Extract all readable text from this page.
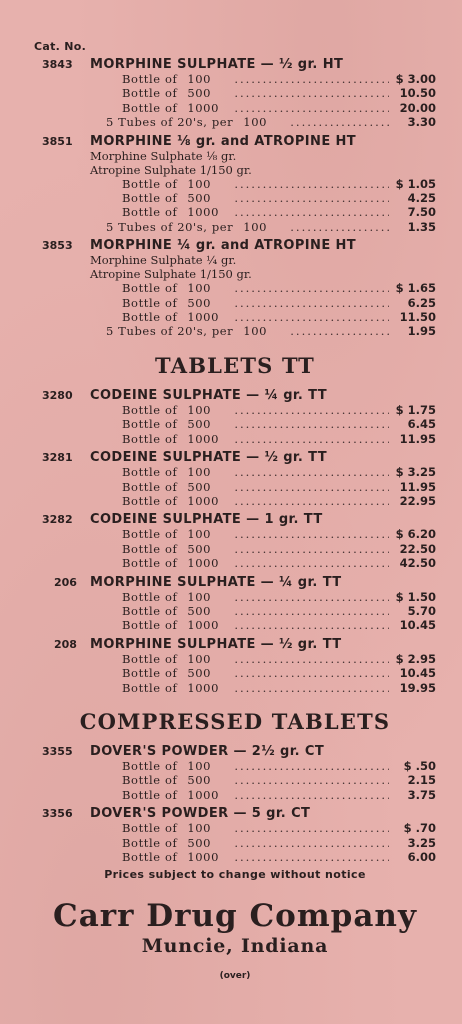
Cat. No.
3843	MORPHINE SULPHATE — ½ gr. HT
Bottle of 100 .....	$ 3.00
Bottle of 500 .....	10.50
Bottle of 1000 .....	20.00
5 Tubes of 20's, per 100 .....	3.30
3851	MORPHINE ⅛ gr. and ATROPINE HT
Morphine Sulphate ⅛ gr.
Atropine Sulphate 1/150 gr.
Bottle of 100 .....	$ 1.05
Bottle of 500 .....	4.25
Bottle of 1000 .....	7.50
5 Tubes of 20's, per 100 .....	1.35
3853	MORPHINE ¼ gr. and ATROPINE HT
Morphine Sulphate ¼ gr.
Atropine Sulphate 1/150 gr.
Bottle of 100 .....	$ 1.65
Bottle of 500 .....	6.25
Bottle of 1000 .....	11.50
5 Tubes of 20's, per 100 .....	1.95
TABLETS TT
3280	CODEINE SULPHATE — ¼ gr. TT
Bottle of 100 .....	$ 1.75
Bottle of 500 .....	6.45
Bottle of 1000 .....	11.95
3281	CODEINE SULPHATE — ½ gr. TT
Bottle of 100 .....	$ 3.25
Bottle of 500 .....	11.95
Bottle of 1000 .....	22.95
3282	CODEINE SULPHATE — 1 gr. TT
Bottle of 100 .....	$ 6.20
Bottle of 500 .....	22.50
Bottle of 1000 .....	42.50
206	MORPHINE SULPHATE — ¼ gr. TT
Bottle of 100 .....	$ 1.50
Bottle of 500 .....	5.70
Bottle of 1000 .....	10.45
208	MORPHINE SULPHATE — ½ gr. TT
Bottle of 100 .....	$ 2.95
Bottle of 500 .....	10.45
Bottle of 1000 .....	19.95
COMPRESSED TABLETS
3355	DOVER'S POWDER — 2½ gr. CT
Bottle of 100 .....	$ .50
Bottle of 500 .....	2.15
Bottle of 1000 .....	3.75
3356	DOVER'S POWDER — 5 gr. CT
Bottle of 100 .....	$ .70
Bottle of 500 .....	3.25
Bottle of 1000 .....	6.00
Prices subject to change without notice
Carr Drug Company
Muncie, Indiana
(over)
